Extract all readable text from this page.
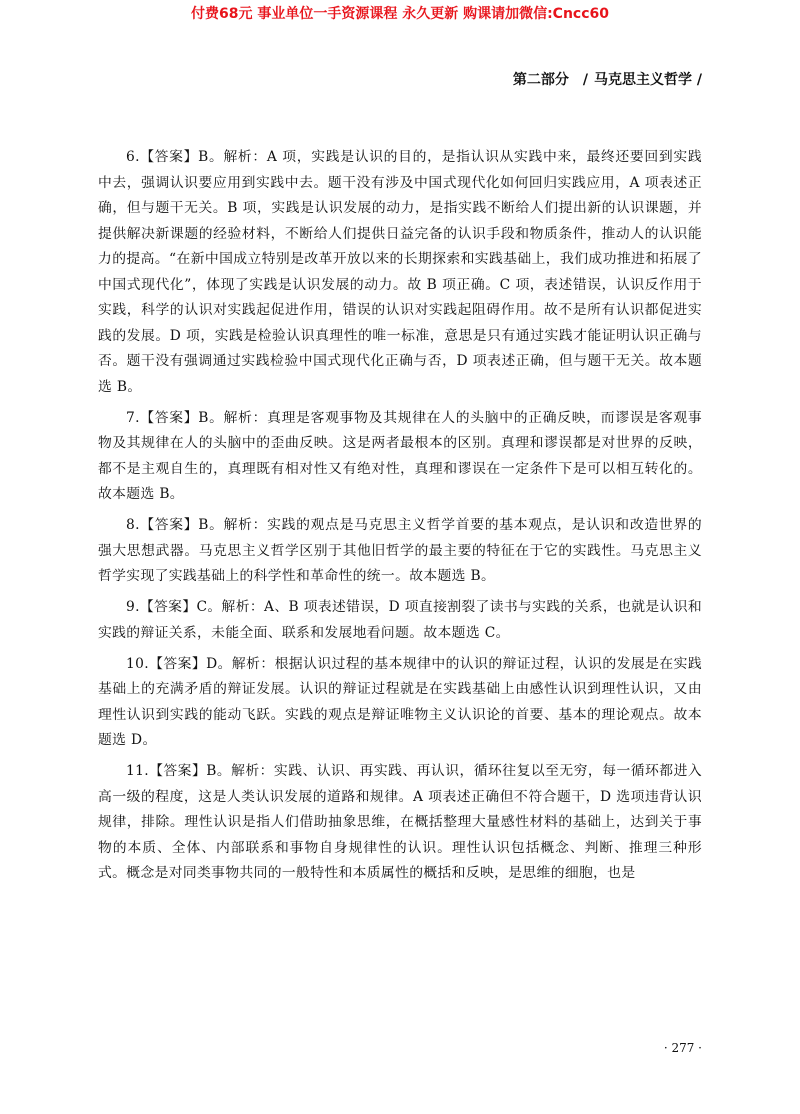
付费68元 事业单位一手资源课程 永久更新 购课请加微信:Cncc60
第二部分 / 马克思主义哲学 /

6.【答案】B。解析：A 项，实践是认识的目的，是指认识从实践中来，最终还要回到实践中去，强调认识要应用到实践中去。题干没有涉及中国式现代化如何回归实践应用，A 项表述正确，但与题干无关。B 项，实践是认识发展的动力，是指实践不断给人们提出新的认识课题，并提供解决新课题的经验材料，不断给人们提供日益完备的认识手段和物质条件，推动人的认识能力的提高。“在新中国成立特别是改革开放以来的长期探索和实践基础上，我们成功推进和拓展了中国式现代化”，体现了实践是认识发展的动力。故 B 项正确。C 项，表述错误，认识反作用于实践，科学的认识对实践起促进作用，错误的认识对实践起阻碍作用。故不是所有认识都促进实践的发展。D 项，实践是检验认识真理性的唯一标准，意思是只有通过实践才能证明认识正确与否。题干没有强调通过实践检验中国式现代化正确与否，D 项表述正确，但与题干无关。故本题选 B。

7.【答案】B。解析：真理是客观事物及其规律在人的头脑中的正确反映，而谬误是客观事物及其规律在人的头脑中的歪曲反映。这是两者最根本的区别。真理和谬误都是对世界的反映，都不是主观自生的，真理既有相对性又有绝对性，真理和谬误在一定条件下是可以相互转化的。故本题选 B。

8.【答案】B。解析：实践的观点是马克思主义哲学首要的基本观点，是认识和改造世界的强大思想武器。马克思主义哲学区别于其他旧哲学的最主要的特征在于它的实践性。马克思主义哲学实现了实践基础上的科学性和革命性的统一。故本题选 B。

9.【答案】C。解析：A、B 项表述错误，D 项直接割裂了读书与实践的关系，也就是认识和实践的辩证关系，未能全面、联系和发展地看问题。故本题选 C。

10.【答案】D。解析：根据认识过程的基本规律中的认识的辩证过程，认识的发展是在实践基础上的充满矛盾的辩证发展。认识的辩证过程就是在实践基础上由感性认识到理性认识，又由理性认识到实践的能动飞跃。实践的观点是辩证唯物主义认识论的首要、基本的理论观点。故本题选 D。

11.【答案】B。解析：实践、认识、再实践、再认识，循环往复以至无穷，每一循环都进入高一级的程度，这是人类认识发展的道路和规律。A 项表述正确但不符合题干，D 选项违背认识规律，排除。理性认识是指人们借助抽象思维，在概括整理大量感性材料的基础上，达到关于事物的本质、全体、内部联系和事物自身规律性的认识。理性认识包括概念、判断、推理三种形式。概念是对同类事物共同的一般特性和本质属性的概括和反映，是思维的细胞，也是

· 277 ·
